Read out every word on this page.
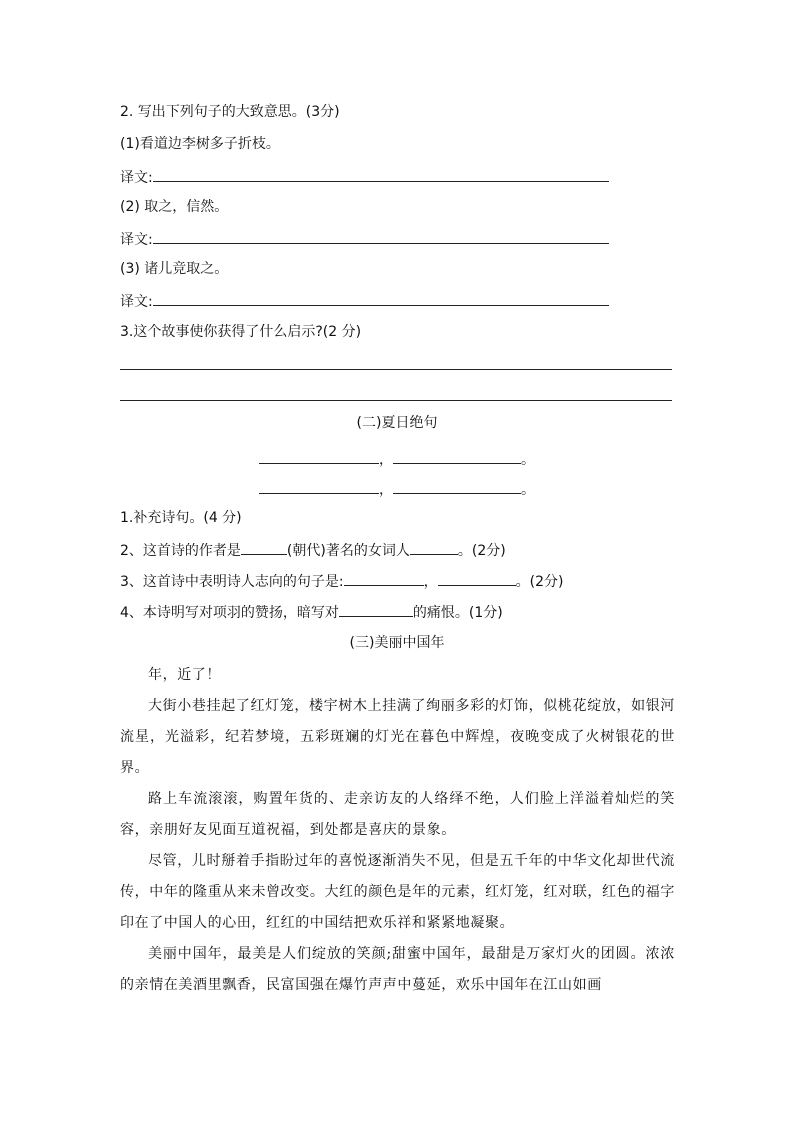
2. 写出下列句子的大致意思。(3分)
(1)看道边李树多子折枝。
译文:
(2) 取之，信然。
译文:
(3) 诸儿竞取之。
译文:
3.这个故事使你获得了什么启示?(2 分)
(二)夏日绝句
，	。
，	。
1.补充诗句。(4 分)
2、这首诗的作者是	(朝代)著名的女词人	。(2分)
3、这首诗中表明诗人志向的句子是:	，	。(2分)
4、本诗明写对项羽的赞扬，暗写对	的痛恨。(1分)
(三)美丽中国年

年，近了！

大街小巷挂起了红灯笼，楼宇树木上挂满了绚丽多彩的灯饰，似桃花绽放，如银河流星，光溢彩，纪若梦境，五彩斑斓的灯光在暮色中辉煌，夜晚变成了火树银花的世界。

路上车流滚滚，购置年货的、走亲访友的人络绎不绝，人们脸上洋溢着灿烂的笑容，亲朋好友见面互道祝福，到处都是喜庆的景象。

尽管，儿时掰着手指盼过年的喜悦逐渐消失不见，但是五千年的中华文化却世代流传，中年的隆重从来未曾改变。大红的颜色是年的元素，红灯笼，红对联，红色的福字印在了中国人的心田，红红的中国结把欢乐祥和紧紧地凝聚。

美丽中国年，最美是人们绽放的笑颜;甜蜜中国年，最甜是万家灯火的团圆。浓浓的亲情在美酒里飘香，民富国强在爆竹声声中蔓延，欢乐中国年在江山如画
